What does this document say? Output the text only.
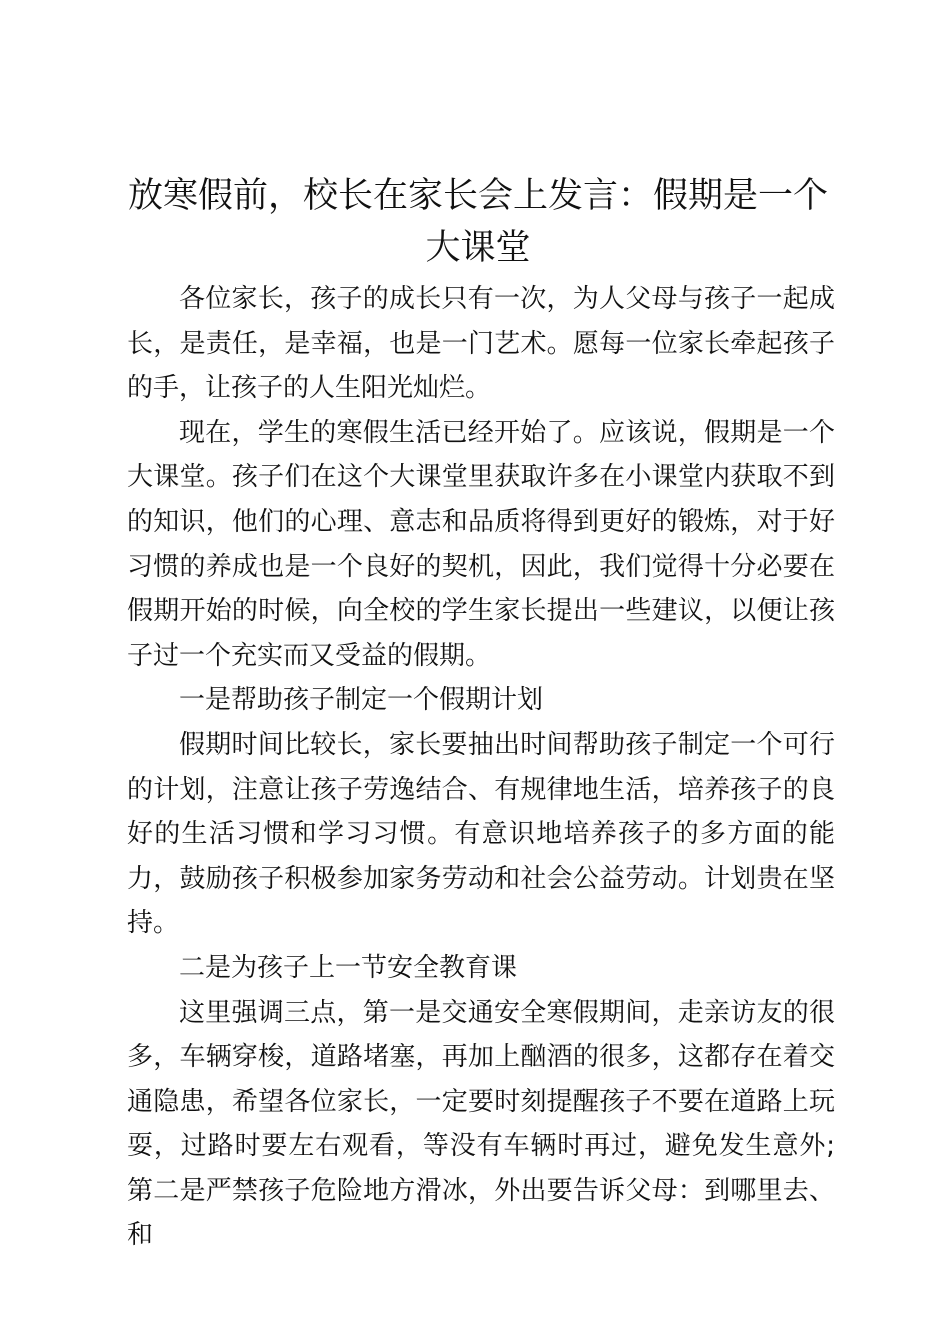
放寒假前，校长在家长会上发言：假期是一个大课堂

各位家长，孩子的成长只有一次，为人父母与孩子一起成长，是责任，是幸福，也是一门艺术。愿每一位家长牵起孩子的手，让孩子的人生阳光灿烂。

现在，学生的寒假生活已经开始了。应该说，假期是一个大课堂。孩子们在这个大课堂里获取许多在小课堂内获取不到的知识，他们的心理、意志和品质将得到更好的锻炼，对于好习惯的养成也是一个良好的契机，因此，我们觉得十分必要在假期开始的时候，向全校的学生家长提出一些建议，以便让孩子过一个充实而又受益的假期。

一是帮助孩子制定一个假期计划

假期时间比较长，家长要抽出时间帮助孩子制定一个可行的计划，注意让孩子劳逸结合、有规律地生活，培养孩子的良好的生活习惯和学习习惯。有意识地培养孩子的多方面的能力，鼓励孩子积极参加家务劳动和社会公益劳动。计划贵在坚持。

二是为孩子上一节安全教育课

这里强调三点，第一是交通安全寒假期间，走亲访友的很多，车辆穿梭，道路堵塞，再加上酗酒的很多，这都存在着交通隐患，希望各位家长，一定要时刻提醒孩子不要在道路上玩耍，过路时要左右观看，等没有车辆时再过，避免发生意外;第二是严禁孩子危险地方滑冰，外出要告诉父母：到哪里去、和
